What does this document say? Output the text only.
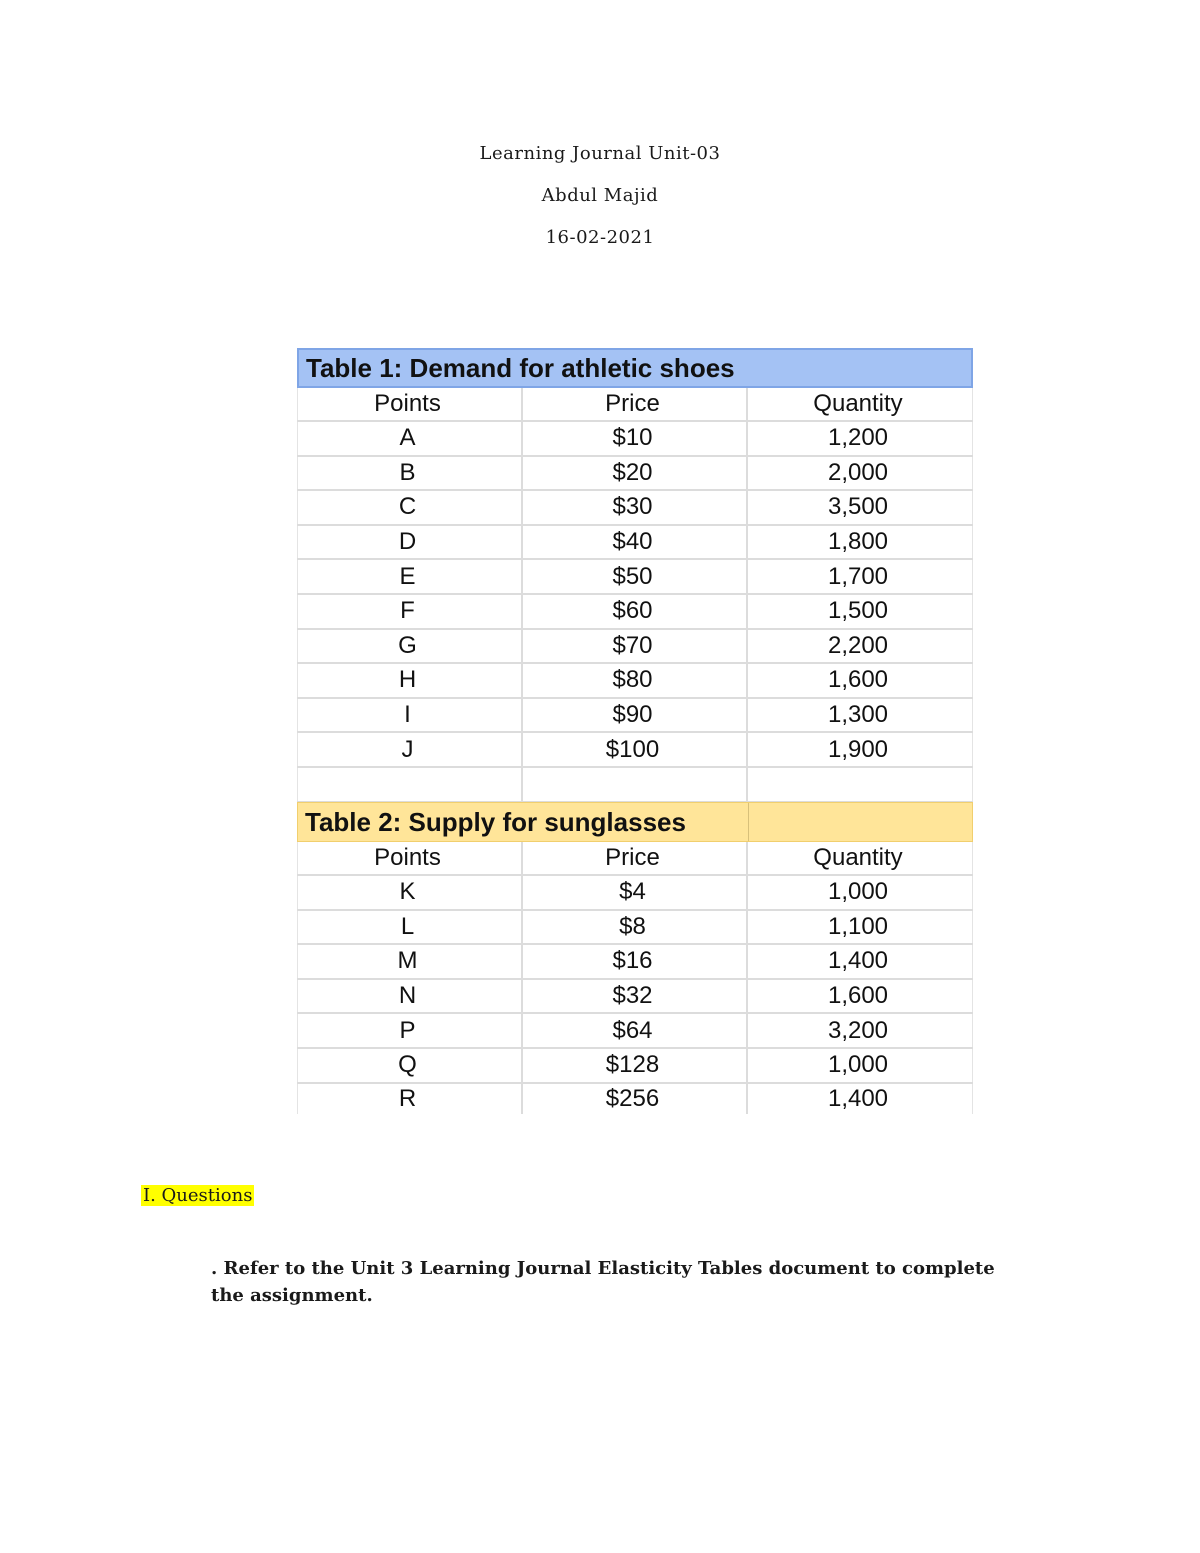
Learning Journal Unit-03
Abdul Majid
16-02-2021
Table 1: Demand for athletic shoes
Points	Price	Quantity
A	$10	1,200
B	$20	2,000
C	$30	3,500
D	$40	1,800
E	$50	1,700
F	$60	1,500
G	$70	2,200
H	$80	1,600
I	$90	1,300
J	$100	1,900
Table 2: Supply for sunglasses
Points	Price	Quantity
K	$4	1,000
L	$8	1,100
M	$16	1,400
N	$32	1,600
P	$64	3,200
Q	$128	1,000
R	$256	1,400
I. Questions
. Refer to the Unit 3 Learning Journal Elasticity Tables document to complete the assignment.
